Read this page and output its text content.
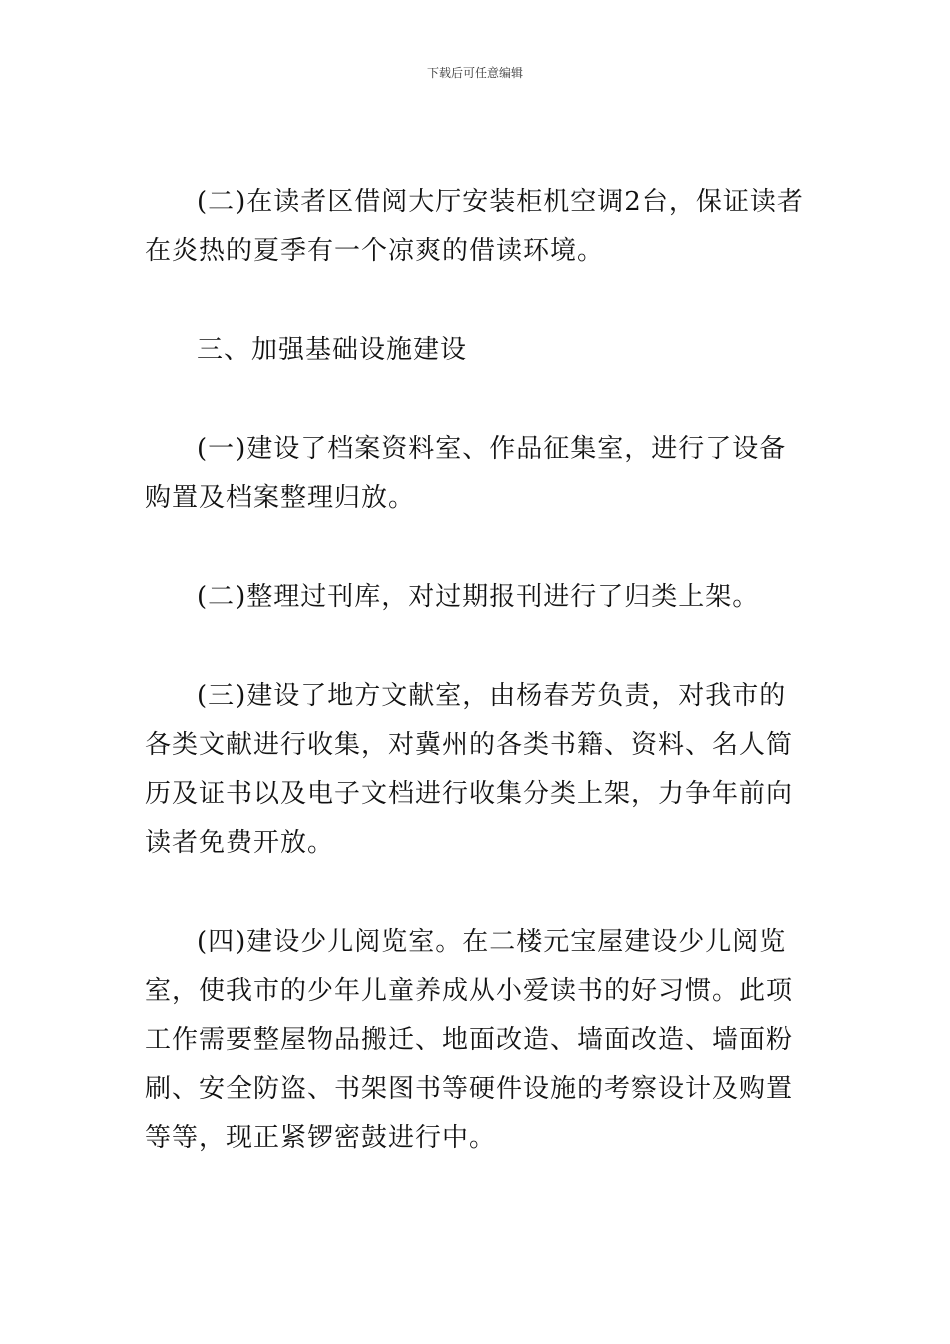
下载后可任意编辑

(二)在读者区借阅大厅安装柜机空调2台，保证读者在炎热的夏季有一个凉爽的借读环境。

三、加强基础设施建设

(一)建设了档案资料室、作品征集室，进行了设备购置及档案整理归放。

(二)整理过刊库，对过期报刊进行了归类上架。

(三)建设了地方文献室，由杨春芳负责，对我市的各类文献进行收集，对冀州的各类书籍、资料、名人简历及证书以及电子文档进行收集分类上架，力争年前向读者免费开放。

(四)建设少儿阅览室。在二楼元宝屋建设少儿阅览室，使我市的少年儿童养成从小爱读书的好习惯。此项工作需要整屋物品搬迁、地面改造、墙面改造、墙面粉刷、安全防盗、书架图书等硬件设施的考察设计及购置等等，现正紧锣密鼓进行中。
